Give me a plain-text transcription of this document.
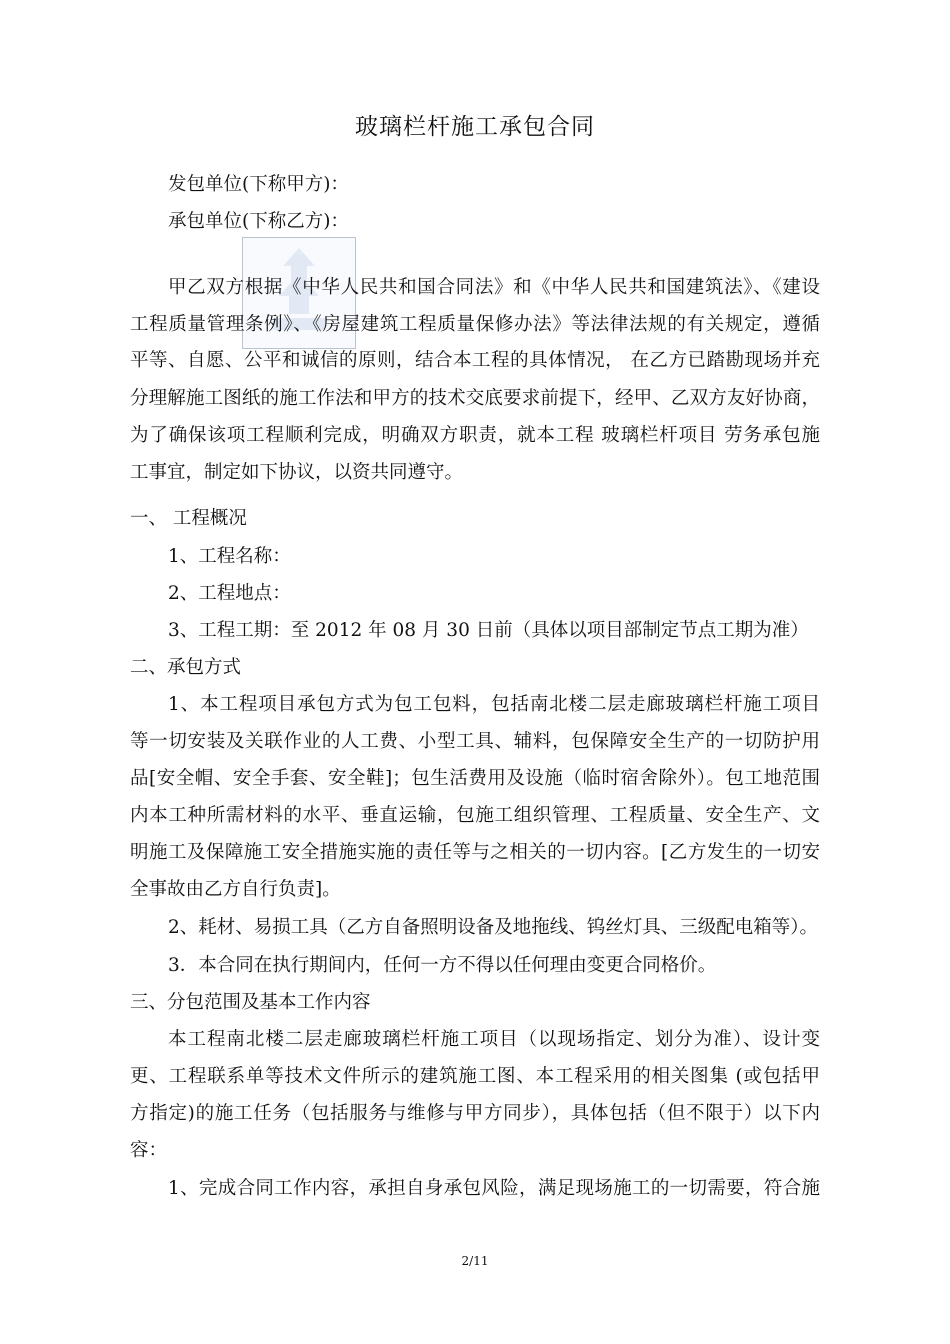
玻璃栏杆施工承包合同
发包单位(下称甲方)：
承包单位(下称乙方)：
甲乙双方根据《中华人民共和国合同法》和《中华人民共和国建筑法》、《建设
工程质量管理条例》、《房屋建筑工程质量保修办法》等法律法规的有关规定，遵循
平等、自愿、公平和诚信的原则，结合本工程的具体情况， 在乙方已踏勘现场并充
分理解施工图纸的施工作法和甲方的技术交底要求前提下，经甲、乙双方友好协商，
为了确保该项工程顺利完成，明确双方职责，就本工程 玻璃栏杆项目 劳务承包施
工事宜，制定如下协议，以资共同遵守。
一、 工程概况
1、工程名称：
2、工程地点：
3、工程工期：至 2012 年 08 月 30 日前（具体以项目部制定节点工期为准）
二、承包方式
1、本工程项目承包方式为包工包料，包括南北楼二层走廊玻璃栏杆施工项目
等一切安装及关联作业的人工费、小型工具、辅料，包保障安全生产的一切防护用
品[安全帽、安全手套、安全鞋]；包生活费用及设施（临时宿舍除外）。包工地范围
内本工种所需材料的水平、垂直运输，包施工组织管理、工程质量、安全生产、文
明施工及保障施工安全措施实施的责任等与之相关的一切内容。[乙方发生的一切安
全事故由乙方自行负责]。
2、耗材、易损工具（乙方自备照明设备及地拖线、钨丝灯具、三级配电箱等）。
3．本合同在执行期间内，任何一方不得以任何理由变更合同格价。
三、分包范围及基本工作内容
本工程南北楼二层走廊玻璃栏杆施工项目（以现场指定、划分为准）、设计变
更、工程联系单等技术文件所示的建筑施工图、本工程采用的相关图集 (或包括甲
方指定)的施工任务（包括服务与维修与甲方同步），具体包括（但不限于）以下内
容：
1、完成合同工作内容，承担自身承包风险，满足现场施工的一切需要，符合施
2/11
